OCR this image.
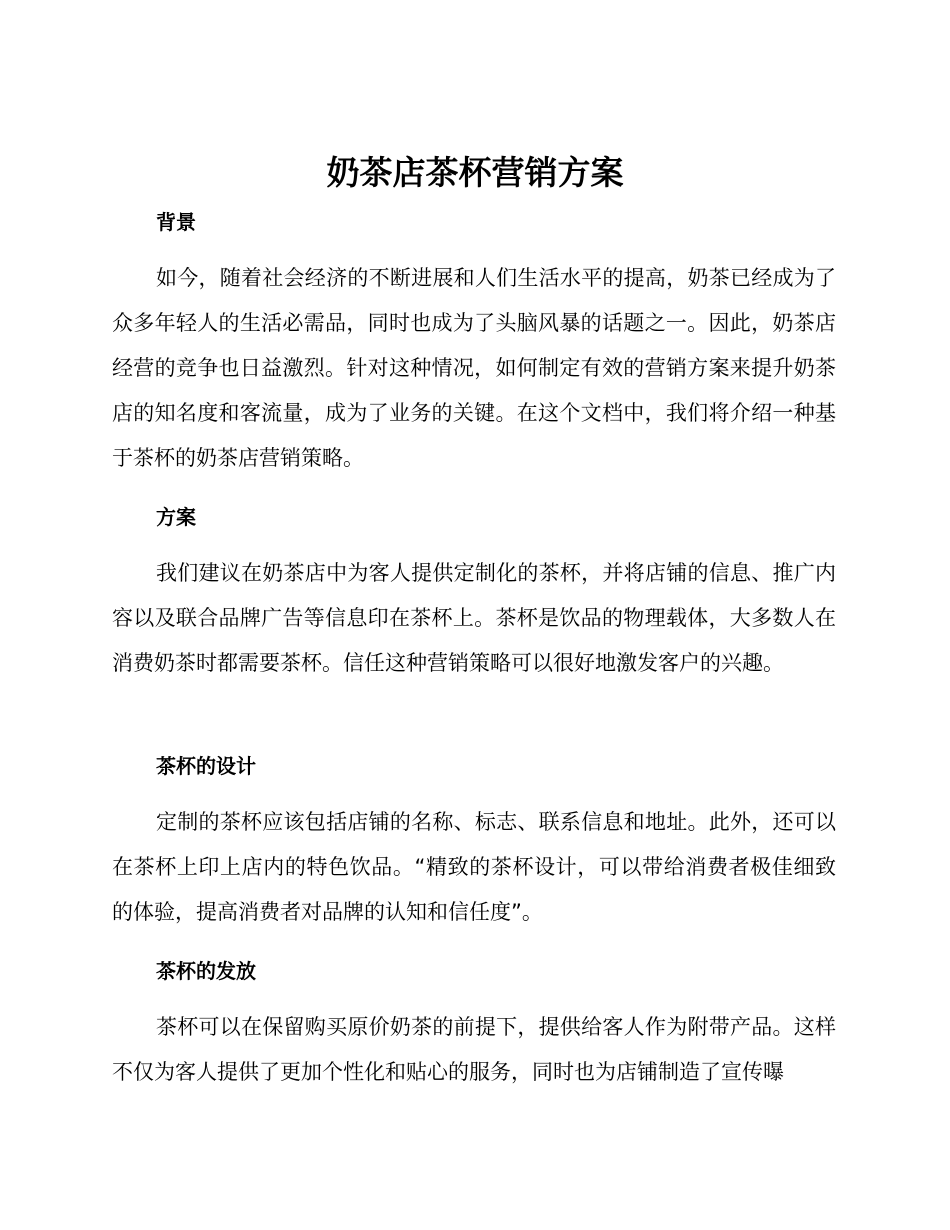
奶茶店茶杯营销方案
背景

如今，随着社会经济的不断进展和人们生活水平的提高，奶茶已经成为了众多年轻人的生活必需品，同时也成为了头脑风暴的话题之一。因此，奶茶店经营的竞争也日益激烈。针对这种情况，如何制定有效的营销方案来提升奶茶店的知名度和客流量，成为了业务的关键。在这个文档中，我们将介绍一种基于茶杯的奶茶店营销策略。

方案

我们建议在奶茶店中为客人提供定制化的茶杯，并将店铺的信息、推广内容以及联合品牌广告等信息印在茶杯上。茶杯是饮品的物理载体，大多数人在消费奶茶时都需要茶杯。信任这种营销策略可以很好地激发客户的兴趣。

茶杯的设计

定制的茶杯应该包括店铺的名称、标志、联系信息和地址。此外，还可以在茶杯上印上店内的特色饮品。“精致的茶杯设计，可以带给消费者极佳细致的体验，提高消费者对品牌的认知和信任度”。

茶杯的发放

茶杯可以在保留购买原价奶茶的前提下，提供给客人作为附带产品。这样不仅为客人提供了更加个性化和贴心的服务，同时也为店铺制造了宣传曝
